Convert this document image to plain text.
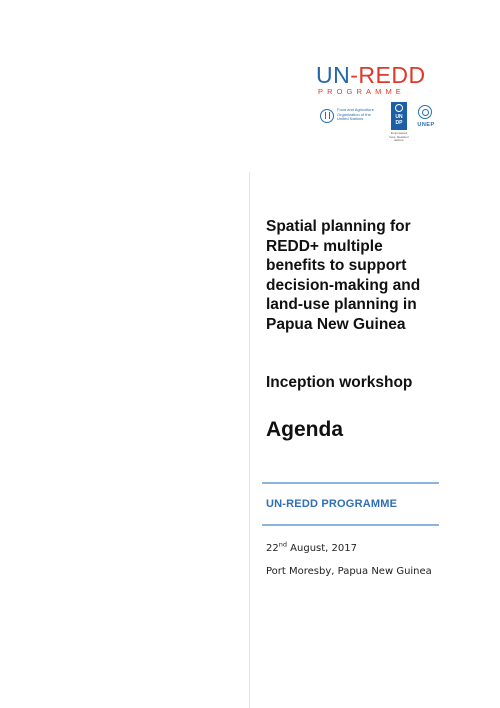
UN-REDD
PROGRAMME
Food and Agriculture Organization of the United Nations	UN DP
Empowered lives. Resilient nations.
UNEP
Spatial planning for
REDD+ multiple
benefits to support
decision-making and
land-use planning in
Papua New Guinea
Inception workshop
Agenda
UN-REDD PROGRAMME
22nd August, 2017
Port Moresby, Papua New Guinea
